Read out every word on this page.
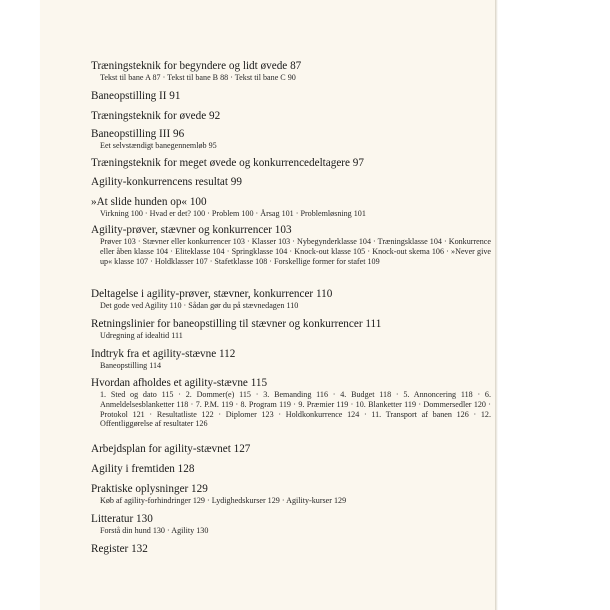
Træningsteknik for begyndere og lidt øvede 87
Tekst til bane A 87 · Tekst til bane B 88 · Tekst til bane C 90
Baneopstilling II 91
Træningsteknik for øvede 92
Baneopstilling III 96
Eet selvstændigt banegennemløb 95
Træningsteknik for meget øvede og konkurrencedeltagere 97
Agility-konkurrencens resultat 99
»At slide hunden op« 100
Virkning 100 · Hvad er det? 100 · Problem 100 · Årsag 101 · Problemløsning 101
Agility-prøver, stævner og konkurrencer 103
Prøver 103 · Stævner eller konkurrencer 103 · Klasser 103 · Nybegynderklasse 104 · Træningsklasse 104 · Konkurrence eller åben klasse 104 · Eliteklasse 104 · Springklasse 104 · Knock-out klasse 105 · Knock-out skema 106 · »Never give up« klasse 107 · Holdklasser 107 · Stafetklasse 108 · Forskellige former for stafet 109
Deltagelse i agility-prøver, stævner, konkurrencer 110
Det gode ved Agility 110 · Sådan gør du på stævnedagen 110
Retningslinier for baneopstilling til stævner og konkurrencer 111
Udregning af idealtid 111
Indtryk fra et agility-stævne 112
Baneopstilling 114
Hvordan afholdes et agility-stævne 115
1. Sted og dato 115 · 2. Dommer(e) 115 · 3. Bemanding 116 · 4. Budget 118 · 5. Annoncering 118 · 6. Anmeldelsesblanketter 118 · 7. P.M. 119 · 8. Program 119 · 9. Præmier 119 · 10. Blanketter 119 · Dommersedler 120 · Protokol 121 · Resultatliste 122 · Diplomer 123 · Holdkonkurrence 124 · 11. Transport af banen 126 · 12. Offentliggørelse af resultater 126
Arbejdsplan for agility-stævnet 127
Agility i fremtiden 128
Praktiske oplysninger 129
Køb af agility-forhindringer 129 · Lydighedskurser 129 · Agility-kurser 129
Litteratur 130
Forstå din hund 130 · Agility 130
Register 132
